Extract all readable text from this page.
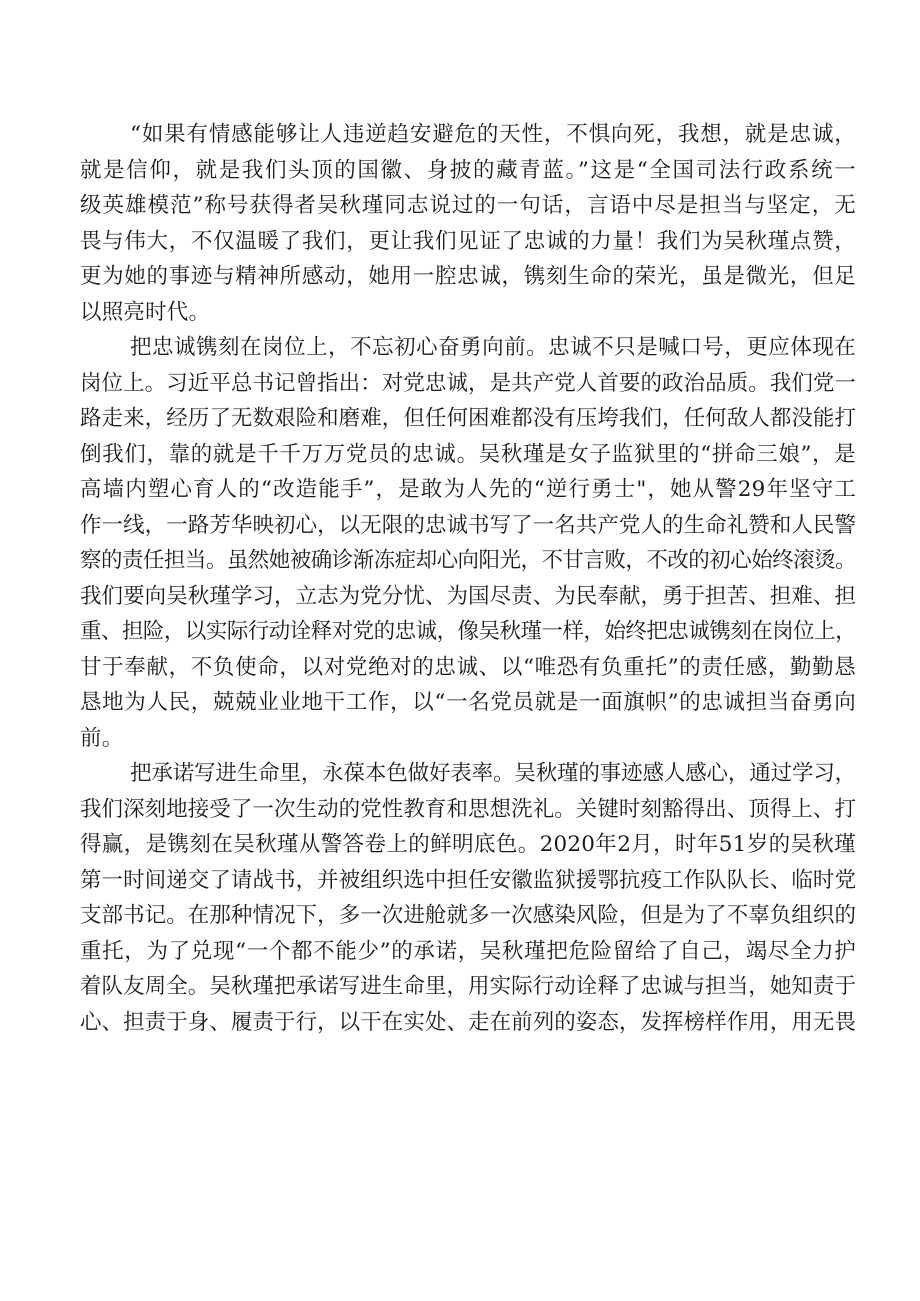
“如果有情感能够让人违逆趋安避危的天性，不惧向死，我想，就是忠诚，
就是信仰，就是我们头顶的国徽、身披的藏青蓝。”这是“全国司法行政系统一
级英雄模范”称号获得者吴秋瑾同志说过的一句话，言语中尽是担当与坚定，无
畏与伟大，不仅温暖了我们，更让我们见证了忠诚的力量！我们为吴秋瑾点赞，
更为她的事迹与精神所感动，她用一腔忠诚，镌刻生命的荣光，虽是微光，但足
以照亮时代。
把忠诚镌刻在岗位上，不忘初心奋勇向前。忠诚不只是喊口号，更应体现在
岗位上。习近平总书记曾指出：对党忠诚，是共产党人首要的政治品质。我们党一
路走来，经历了无数艰险和磨难，但任何困难都没有压垮我们，任何敌人都没能打
倒我们，靠的就是千千万万党员的忠诚。吴秋瑾是女子监狱里的“拼命三娘”，是
高墙内塑心育人的“改造能手”，是敢为人先的“逆行勇士"，她从警29年坚守工
作一线，一路芳华映初心，以无限的忠诚书写了一名共产党人的生命礼赞和人民警
察的责任担当。虽然她被确诊渐冻症却心向阳光，不甘言败，不改的初心始终滚烫。
我们要向吴秋瑾学习，立志为党分忧、为国尽责、为民奉献，勇于担苦、担难、担
重、担险，以实际行动诠释对党的忠诚，像吴秋瑾一样，始终把忠诚镌刻在岗位上，
甘于奉献，不负使命，以对党绝对的忠诚、以“唯恐有负重托”的责任感，勤勤恳
恳地为人民，兢兢业业地干工作，以“一名党员就是一面旗帜”的忠诚担当奋勇向
前。
把承诺写进生命里，永葆本色做好表率。吴秋瑾的事迹感人感心，通过学习，
我们深刻地接受了一次生动的党性教育和思想洗礼。关键时刻豁得出、顶得上、打
得赢，是镌刻在吴秋瑾从警答卷上的鲜明底色。2020年2月，时年51岁的吴秋瑾
第一时间递交了请战书，并被组织选中担任安徽监狱援鄂抗疫工作队队长、临时党
支部书记。在那种情况下，多一次进舱就多一次感染风险，但是为了不辜负组织的
重托，为了兑现“一个都不能少”的承诺，吴秋瑾把危险留给了自己，竭尽全力护
着队友周全。吴秋瑾把承诺写进生命里，用实际行动诠释了忠诚与担当，她知责于
心、担责于身、履责于行，以干在实处、走在前列的姿态，发挥榜样作用，用无畏
